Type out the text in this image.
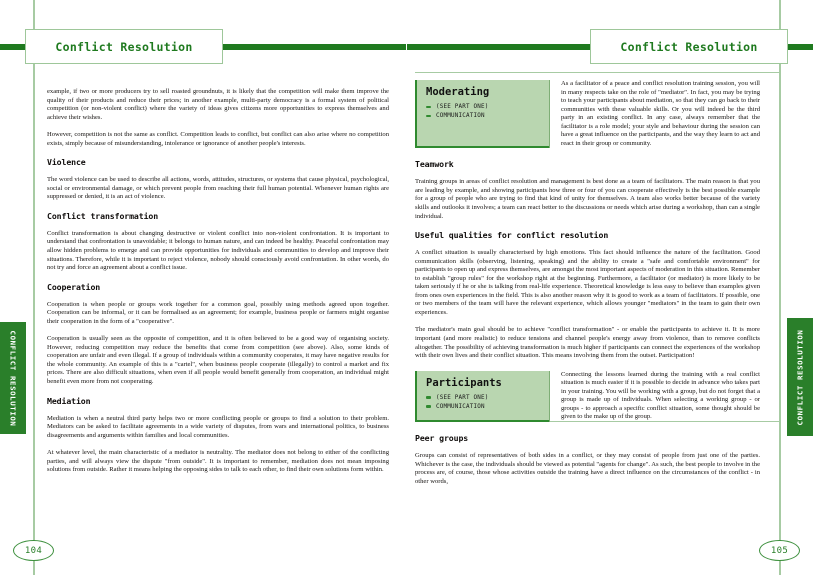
Conflict Resolution	Conflict Resolution
CONFLICT RESOLUTION	CONFLICT RESOLUTION
104	105

example, if two or more producers try to sell roasted groundnuts, it is likely that the competition will make them improve the quality of their products and reduce their prices; in another example, multi-party democracy is a formal system of political competition (or non-violent conflict) where the variety of ideas gives citizens more opportunities to express themselves and achieve their wishes.

However, competition is not the same as conflict. Competition leads to conflict, but conflict can also arise where no competition exists, simply because of misunderstanding, intolerance or ignorance of another people's interests.

Violence

The word violence can be used to describe all actions, words, attitudes, structures, or systems that cause physical, psychological, social or environmental damage, or which prevent people from reaching their full human potential. Whenever human rights are suppressed or denied, it is an act of violence.

Conflict transformation

Conflict transformation is about changing destructive or violent conflict into non-violent confrontation. It is important to understand that confrontation is unavoidable; it belongs to human nature, and can indeed be healthy. Peaceful confrontation may allow hidden problems to emerge and can provide opportunities for individuals and communities to develop and improve their situations. Therefore, while it is important to reject violence, nobody should consciously avoid confrontation. In other words, do not try and force an agreement about a conflict issue.

Cooperation

Cooperation is when people or groups work together for a common goal, possibly using methods agreed upon together. Cooperation can be informal, or it can be formalised as an agreement; for example, business people or farmers might organise their cooperation in the form of a "cooperative".

Cooperation is usually seen as the opposite of competition, and it is often believed to be a good way of organising society. However, reducing competition may reduce the benefits that come from competition (see above). Also, some kinds of cooperation are unfair and even illegal. If a group of individuals within a community cooperates, it may have negative results for the whole community. An example of this is a "cartel", when business people cooperate (illegally) to control a market and fix prices. There are also difficult situations, when even if all people would benefit generally from cooperation, an individual might benefit even more from not cooperating.

Mediation

Mediation is when a neutral third party helps two or more conflicting people or groups to find a solution to their problem. Mediators can be asked to facilitate agreements in a wide variety of disputes, from wars and international politics, to business disagreements and arguments within families and local communities.

At whatever level, the main characteristic of a mediator is neutrality. The mediator does not belong to either of the conflicting parties, and will always view the dispute "from outside". It is important to remember, mediation does not mean imposing solutions from outside. Rather it means helping the opposing sides to talk to each other, to find their own solutions form within.

Moderating
(SEE PART ONE)
COMMUNICATION

As a facilitator of a peace and conflict resolution training session, you will in many respects take on the role of "mediator". In fact, you may be trying to teach your participants about mediation, so that they can go back to their communities with these valuable skills. Or you will indeed be the third party in an existing conflict. In any case, always remember that the facilitator is a role model; your style and behaviour during the session can have a great influence on the participants, and the way they learn to act and react in their group or community.

Teamwork

Training groups in areas of conflict resolution and management is best done as a team of facilitators. The main reason is that you are leading by example, and showing participants how three or four of you can cooperate effectively is the best possible example for a group of people who are trying to find that kind of unity for themselves. A team also works better because of the variety skills and outlooks it involves; a team can react better to the discussions or needs which arise during a workshop, than can a single individual.

Useful qualities for conflict resolution

A conflict situation is usually characterised by high emotions. This fact should influence the nature of the facilitation. Good communication skills (observing, listening, speaking) and the ability to create a "safe and comfortable environment" for participants to open up and express themselves, are amongst the most important aspects of moderation in this situation. Remember to establish "group rules" for the workshop right at the beginning. Furthermore, a facilitator (or mediator) is more likely to be taken seriously if he or she is talking from real-life experience. Theoretical knowledge is less easy to believe than examples given from ones own experiences in the field. This is also another reason why it is good to work as a team of facilitators. If possible, one or two members of the team will have the relevant experience, which allows younger "mediators" in the team to gain their own experiences.

The mediator's main goal should be to achieve "conflict transformation" - or enable the participants to achieve it. It is more important (and more realistic) to reduce tensions and channel people's energy away from violence, than to remove conflicts altogether. The possibility of achieving transformation is much higher if participants can connect the experiences of the workshop with their own lives and their conflict situation. This means involving them from the outset. Participation!

Participants
(SEE PART ONE)
COMMUNICATION

Connecting the lessons learned during the training with a real conflict situation is much easier if it is possible to decide in advance who takes part in your training. You will be working with a group, but do not forget that a group is made up of individuals. When selecting a working group - or groups - to approach a specific conflict situation, some thought should be given to the make up of the group.

Peer groups

Groups can consist of representatives of both sides in a conflict, or they may consist of people from just one of the parties. Whichever is the case, the individuals should be viewed as potential "agents for change". As such, the best people to involve in the process are, of course, those whose activities outside the training have a direct influence on the circumstances of the conflict - in other words,
